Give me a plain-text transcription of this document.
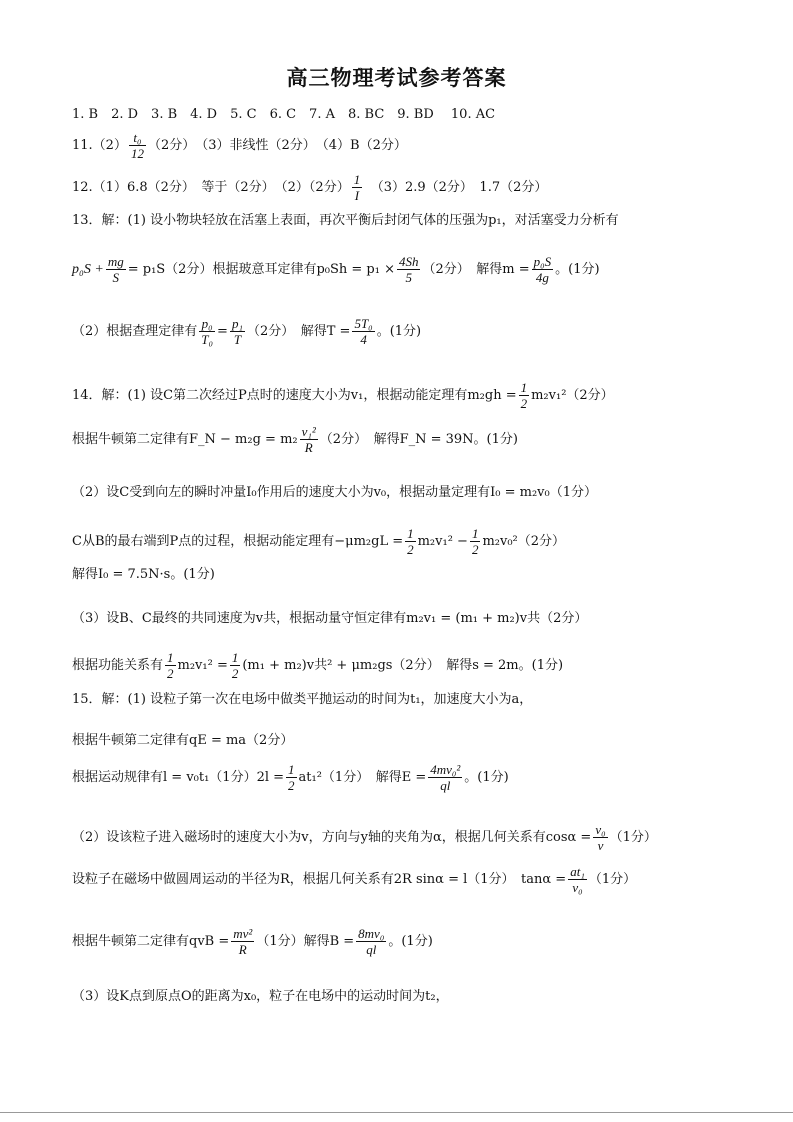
高三物理考试参考答案
1. B　2. D　3. B　4. D　5. C　6. C　7. A　8. BC　9. BD　 10. AC
$11.(2) \frac{\text{t₀}}{12} (2$分）　（3）非线性（2分）　（4）B（2分）
12.（1）6.8（2分）　等于（2分）　（2）（2分） $\frac{1}{I}$ 　（3）2.9（2分）　1.7（2分）
13．解：(1) 设小物块轻放在活塞上表面，再次平衡后封闭气体的压强为p₁，对活塞受力分析有
$p_0S + \frac{mg}{S} = p_1S(2$分）根据玻意耳定律有$p_0Sh = p_1 \times \frac{4Sh}{5} (2$分）　解得$m = \frac{\text{p₀S}}{4g}$ 。(1分)
（2）根据查理定律有 $\frac{\text{p₀}}{\text{T₀}} = \frac{\text{p₁}}{T} (2$分）　解得$T = \frac{\text{5T₀}}{4}$ 。(1分)
14．解：(1) 设C第二次经过P点时的速度大小为v₁，根据动能定理有$m_2gh = \frac{1}{2} m_2v_1^2(2$分）
根据牛顿第二定律有F_N − $m_2g = m_2 \frac{\text{v₁²}}{R} (2$分）　解得F_N = 39N。(1分)
（2）设C受到向左的瞬时冲量I₀作用后的速度大小为v₀，根据动量定理有I₀ = m₂v₀（1分）
C从B的最右端到P点的过程，根据动能定理有$-\mu m_2gL = \frac{1}{2} m_2v_1^2 - \frac{1}{2} m_2v_0^2(2$分）
解得I₀ = 7.5N·s。(1分)
（3）设B、C最终的共同速度为v共，根据动量守恒定律有m₂v₁ = (m₁ + m₂)v共（2分）
根据功能关系有 $\frac{1}{2} m_2v_1^2 = \frac{1}{2} (m_1 + m_2)v$共² + μm₂gs（2分）　解得s = 2m。(1分)
15．解：(1) 设粒子第一次在电场中做类平抛运动的时间为t₁，加速度大小为a，
根据牛顿第二定律有qE = ma（2分）
根据运动规律有l = v₀t₁（1分）$2l = \frac{1}{2} at_1^2(1$分）　解得$E = \frac{\text{4mv₀²}}{ql}$ 。(1分)
（2）设该粒子进入磁场时的速度大小为v，方向与y轴的夹角为α，根据几何关系有$\cos\alpha = \frac{\text{v₀}}{v} (1$分）
设粒子在磁场中做圆周运动的半径为R，根据几何关系有2R sinα = l（1分）　$\tan\alpha = \frac{\text{at₁}}{\text{v₀}} (1$分）
根据牛顿第二定律有qvB = $\frac{\text{mv²}}{R} (1$分）解得$B = \frac{\text{8mv₀}}{ql}$ 。(1分)
（3）设K点到原点O的距离为x₀，粒子在电场中的运动时间为t₂，
